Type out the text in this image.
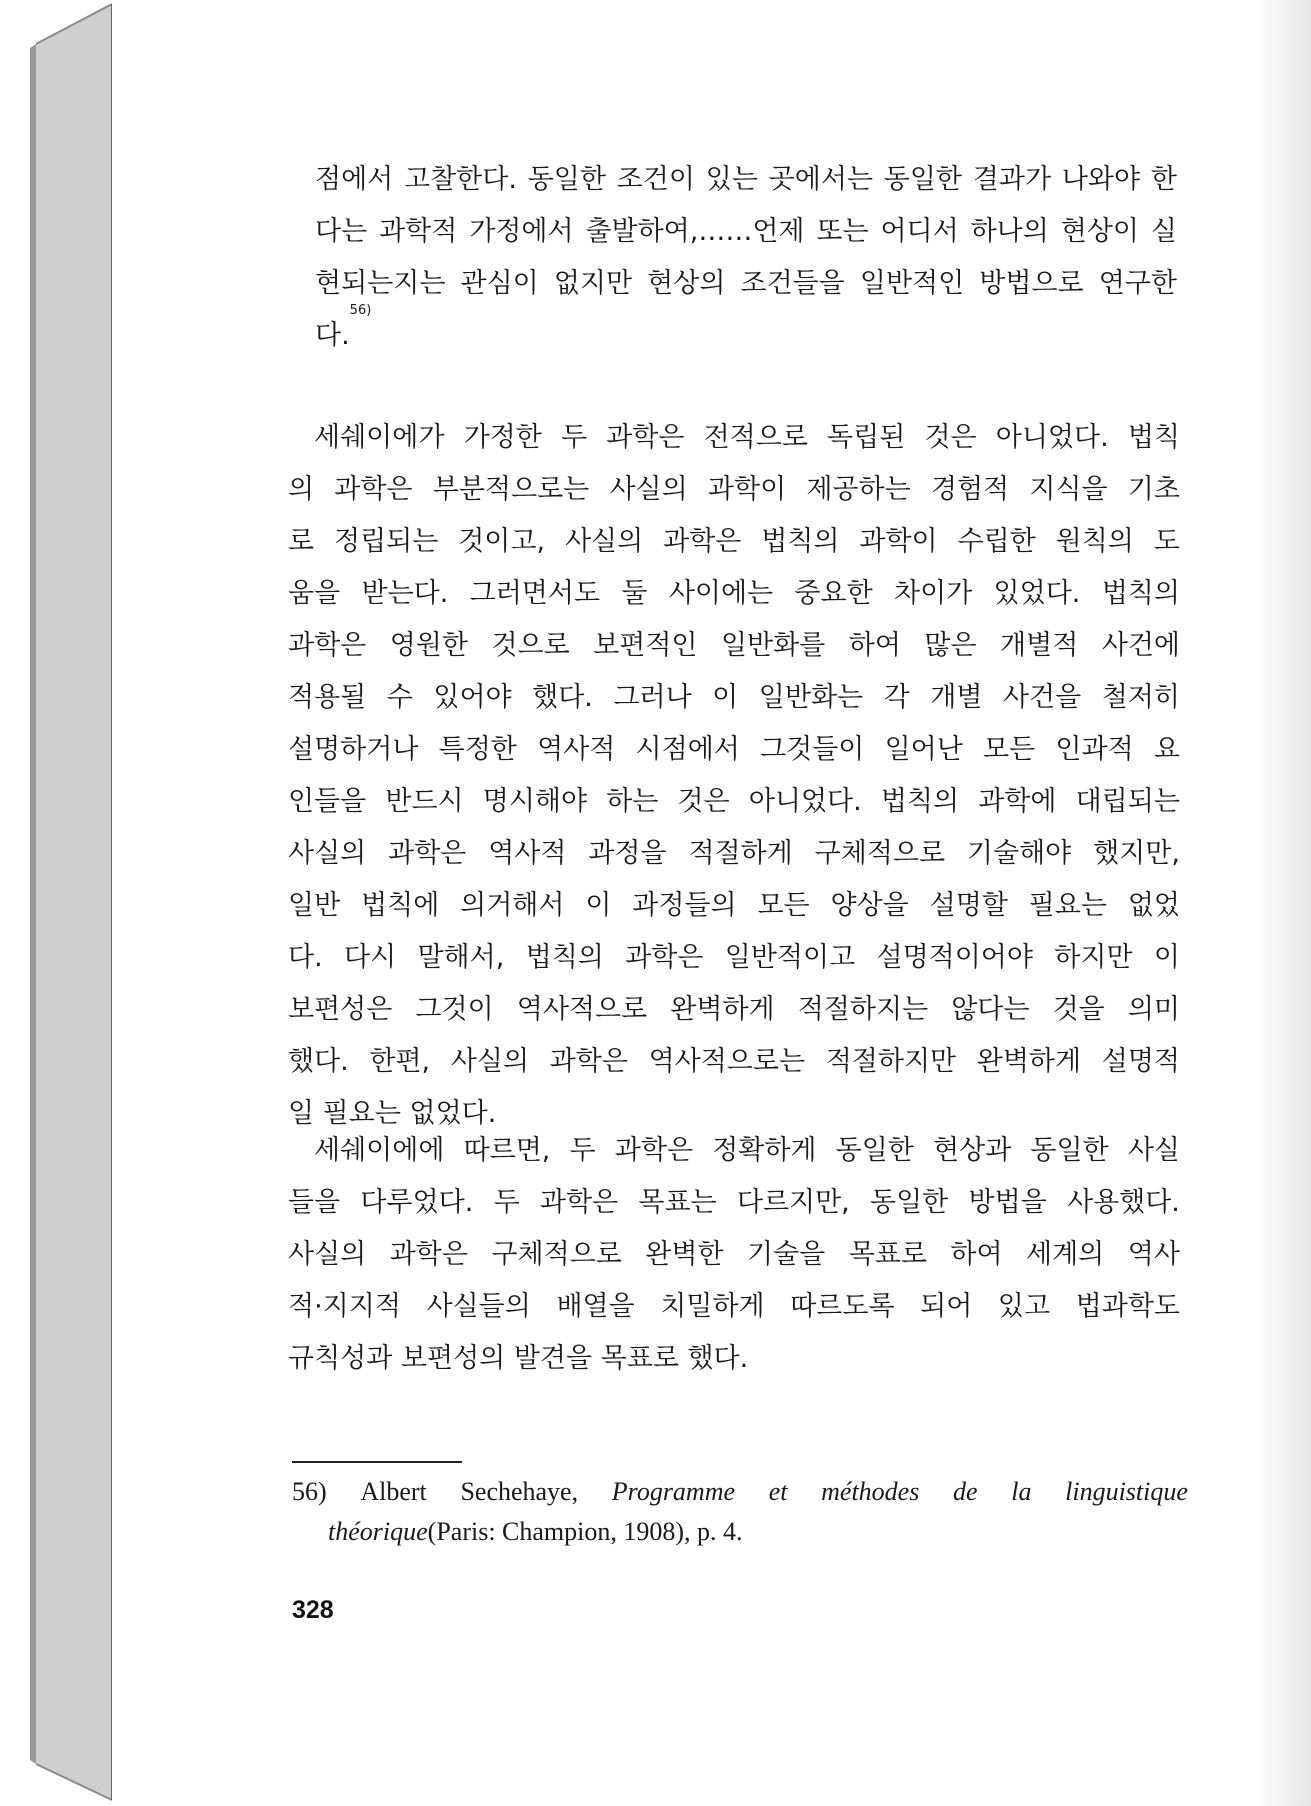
점에서 고찰한다. 동일한 조건이 있는 곳에서는 동일한 결과가 나와야 한
다는 과학적 가정에서 출발하여,……언제 또는 어디서 하나의 현상이 실
현되는지는 관심이 없지만 현상의 조건들을 일반적인 방법으로 연구한
다.
$^{56)}$
세쉐이에가 가정한 두 과학은 전적으로 독립된 것은 아니었다. 법칙
의 과학은 부분적으로는 사실의 과학이 제공하는 경험적 지식을 기초
로 정립되는 것이고, 사실의 과학은 법칙의 과학이 수립한 원칙의 도
움을 받는다. 그러면서도 둘 사이에는 중요한 차이가 있었다. 법칙의
과학은 영원한 것으로 보편적인 일반화를 하여 많은 개별적 사건에
적용될 수 있어야 했다. 그러나 이 일반화는 각 개별 사건을 철저히
설명하거나 특정한 역사적 시점에서 그것들이 일어난 모든 인과적 요
인들을 반드시 명시해야 하는 것은 아니었다. 법칙의 과학에 대립되는
사실의 과학은 역사적 과정을 적절하게 구체적으로 기술해야 했지만,
일반 법칙에 의거해서 이 과정들의 모든 양상을 설명할 필요는 없었
다. 다시 말해서, 법칙의 과학은 일반적이고 설명적이어야 하지만 이
보편성은 그것이 역사적으로 완벽하게 적절하지는 않다는 것을 의미
했다. 한편, 사실의 과학은 역사적으로는 적절하지만 완벽하게 설명적
일 필요는 없었다.
세쉐이에에 따르면, 두 과학은 정확하게 동일한 현상과 동일한 사실
들을 다루었다. 두 과학은 목표는 다르지만, 동일한 방법을 사용했다.
사실의 과학은 구체적으로 완벽한 기술을 목표로 하여 세계의 역사
적·지지적 사실들의 배열을 치밀하게 따르도록 되어 있고 법과학도
규칙성과 보편성의 발견을 목표로 했다.
56) Albert Sechehaye, Programme et méthodes de la linguistique
théorique(Paris: Champion, 1908), p. 4.
328
